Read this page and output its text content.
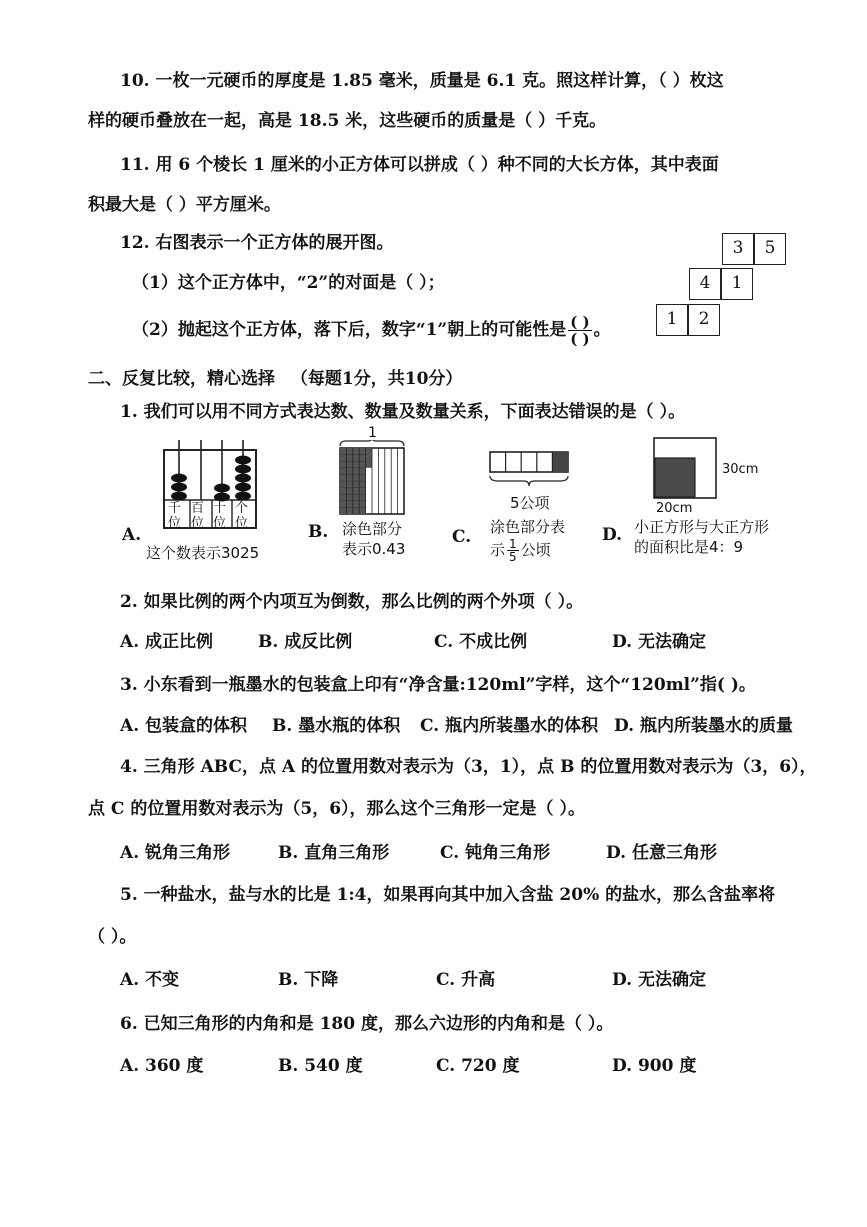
10. 一枚一元硬币的厚度是 1.85 毫米，质量是 6.1 克。照这样计算，（ ）枚这
样的硬币叠放在一起，高是 18.5 米，这些硬币的质量是（ ）千克。
11. 用 6 个棱长 1 厘米的小正方体可以拼成（ ）种不同的大长方体，其中表面
积最大是（ ）平方厘米。
12. 右图表示一个正方体的展开图。
（1）这个正方体中，“2”的对面是（ ）；
（2）抛起这个正方体，落下后，数字“1”朝上的可能性是 $\frac{( )}{( )}$ 。
3	5
4	1
1	2
二、反复比较，精心选择 （每题1分，共10分）
1. 我们可以用不同方式表达数、数量及数量关系，下面表达错误的是（ ）。
A.
千位
百位
十位
个位
这个数表示3025
B.
1
涂色部分
表示0.43
C.
5公项
涂色部分表
示 $\frac{1}{5}$ 公顷
D.
30cm
20cm
小正方形与大正方形
的面积比是4：9
2. 如果比例的两个内项互为倒数，那么比例的两个外项（ ）。
A. 成正比例	B. 成反比例	C. 不成比例	D. 无法确定
3. 小东看到一瓶墨水的包装盒上印有“净含量:120ml”字样，这个“120ml”指( )。
A. 包装盒的体积 B. 墨水瓶的体积 C. 瓶内所装墨水的体积 D. 瓶内所装墨水的质量
4. 三角形 ABC，点 A 的位置用数对表示为（3，1），点 B 的位置用数对表示为（3，6），
点 C 的位置用数对表示为（5，6），那么这个三角形一定是（ ）。
A. 锐角三角形	B. 直角三角形	C. 钝角三角形	D. 任意三角形
5. 一种盐水，盐与水的比是 1:4，如果再向其中加入含盐 20% 的盐水，那么含盐率将
（ ）。
A. 不变	B. 下降	C. 升高	D. 无法确定
6. 已知三角形的内角和是 180 度，那么六边形的内角和是（ ）。
A. 360 度	B. 540 度	C. 720 度	D. 900 度
